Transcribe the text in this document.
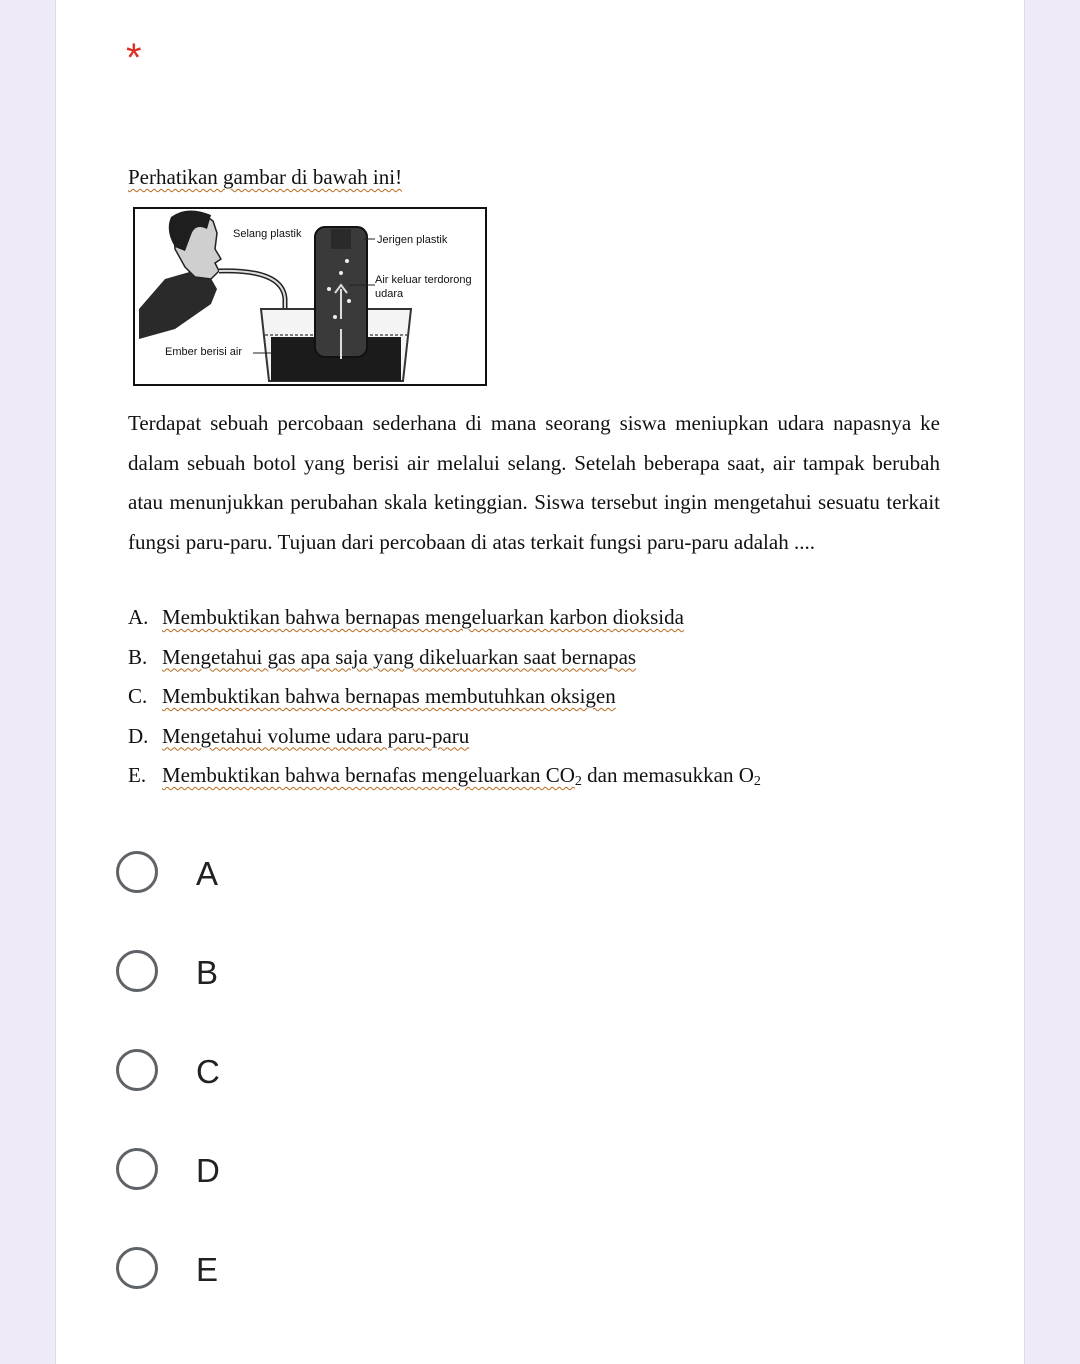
*
Perhatikan gambar di bawah ini!
Selang plastik	Jerigen plastik
Air keluar terdorong
udara
Ember berisi air
Terdapat sebuah percobaan sederhana di mana seorang siswa meniupkan udara napasnya ke dalam sebuah botol yang berisi air melalui selang. Setelah beberapa saat, air tampak berubah atau menunjukkan perubahan skala ketinggian. Siswa tersebut ingin mengetahui sesuatu terkait fungsi paru-paru. Tujuan dari percobaan di atas terkait fungsi paru-paru adalah ....
A. Membuktikan bahwa bernapas mengeluarkan karbon dioksida
B. Mengetahui gas apa saja yang dikeluarkan saat bernapas
C. Membuktikan bahwa bernapas membutuhkan oksigen
D. Mengetahui volume udara paru-paru
E. Membuktikan bahwa bernafas mengeluarkan $CO_2$ dan memasukkan $O_2$
A
B
C
D
E
